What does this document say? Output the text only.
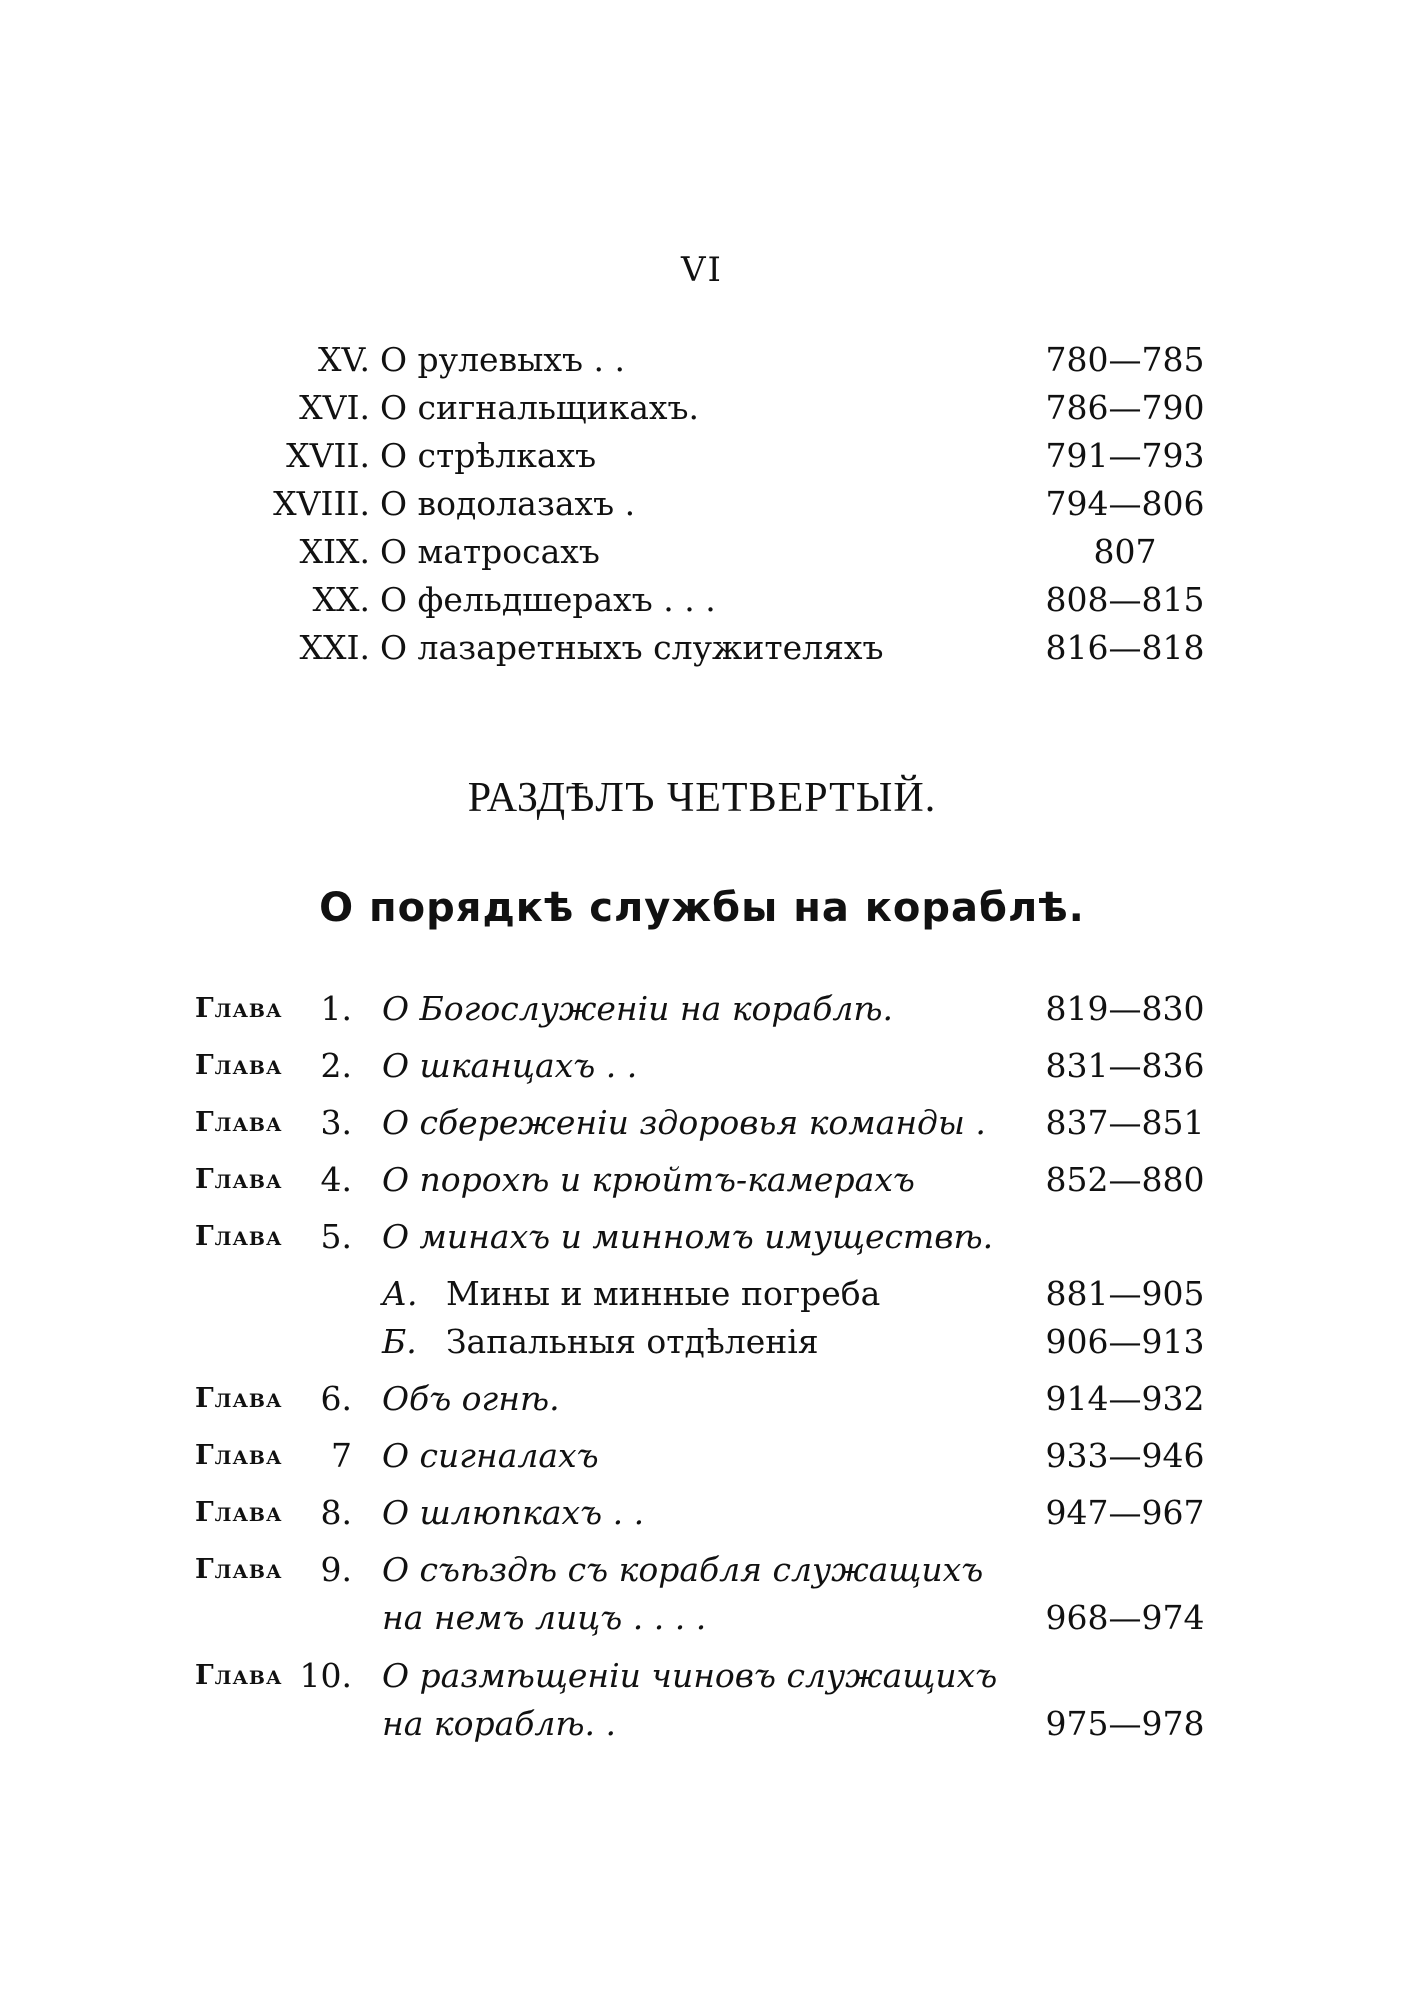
VI
XV. О рулевыхъ . .	780—785
XVI. О сигнальщикахъ.	786—790
XVII. О стрѣлкахъ	791—793
XVIII. О водолазахъ .	794—806
XIX. О матросахъ	807
XX. О фельдшерахъ . . .	808—815
XXI. О лазаретныхъ служителяхъ	816—818
РАЗДѢЛЪ ЧЕТВЕРТЫЙ.
О порядкѣ службы на кораблѣ.
Глава 1. О Богослуженіи на кораблѣ.	819—830
Глава 2. О шканцахъ . .	831—836
Глава 3. О сбереженіи здоровья команды .	837—851
Глава 4. О порохѣ и крюйтъ-камерахъ	852—880
Глава 5. О минахъ и минномъ имуществѣ.
А. Мины и минные погреба	881—905
Б. Запальныя отдѣленія	906—913
Глава 6. Объ огнѣ.	914—932
Глава 7 О сигналахъ	933—946
Глава 8. О шлюпкахъ . .	947—967
Глава 9. О съѣздѣ съ корабля служащихъ на немъ лицъ . . . .	968—974
Глава 10. О размѣщеніи чиновъ служащихъ на кораблѣ. .	975—978
